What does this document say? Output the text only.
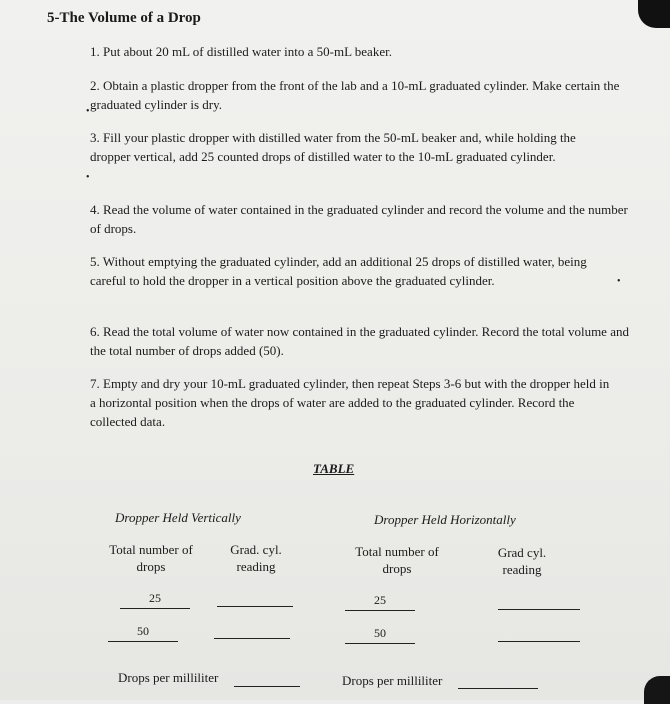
5-The Volume of a Drop
1. Put about 20 mL of distilled water into a 50-mL beaker.
2. Obtain a plastic dropper from the front of the lab and a 10-mL graduated cylinder. Make certain the graduated cylinder is dry.
3. Fill your plastic dropper with distilled water from the 50-mL beaker and, while holding the dropper vertical, add 25 counted drops of distilled water to the 10-mL graduated cylinder.
4. Read the volume of water contained in the graduated cylinder and record the volume and the number of drops.
5. Without emptying the graduated cylinder, add an additional 25 drops of distilled water, being careful to hold the dropper in a vertical position above the graduated cylinder.
6. Read the total volume of water now contained in the graduated cylinder. Record the total volume and the total number of drops added (50).
7. Empty and dry your 10-mL graduated cylinder, then repeat Steps 3-6 but with the dropper held in a horizontal position when the drops of water are added to the graduated cylinder. Record the collected data.
•
•
•
TABLE
Dropper Held Vertically
Total number of drops
Grad. cyl. reading
25
50
Drops per milliliter
Dropper Held Horizontally
Total number of drops
Grad cyl. reading
25
50
Drops per milliliter
